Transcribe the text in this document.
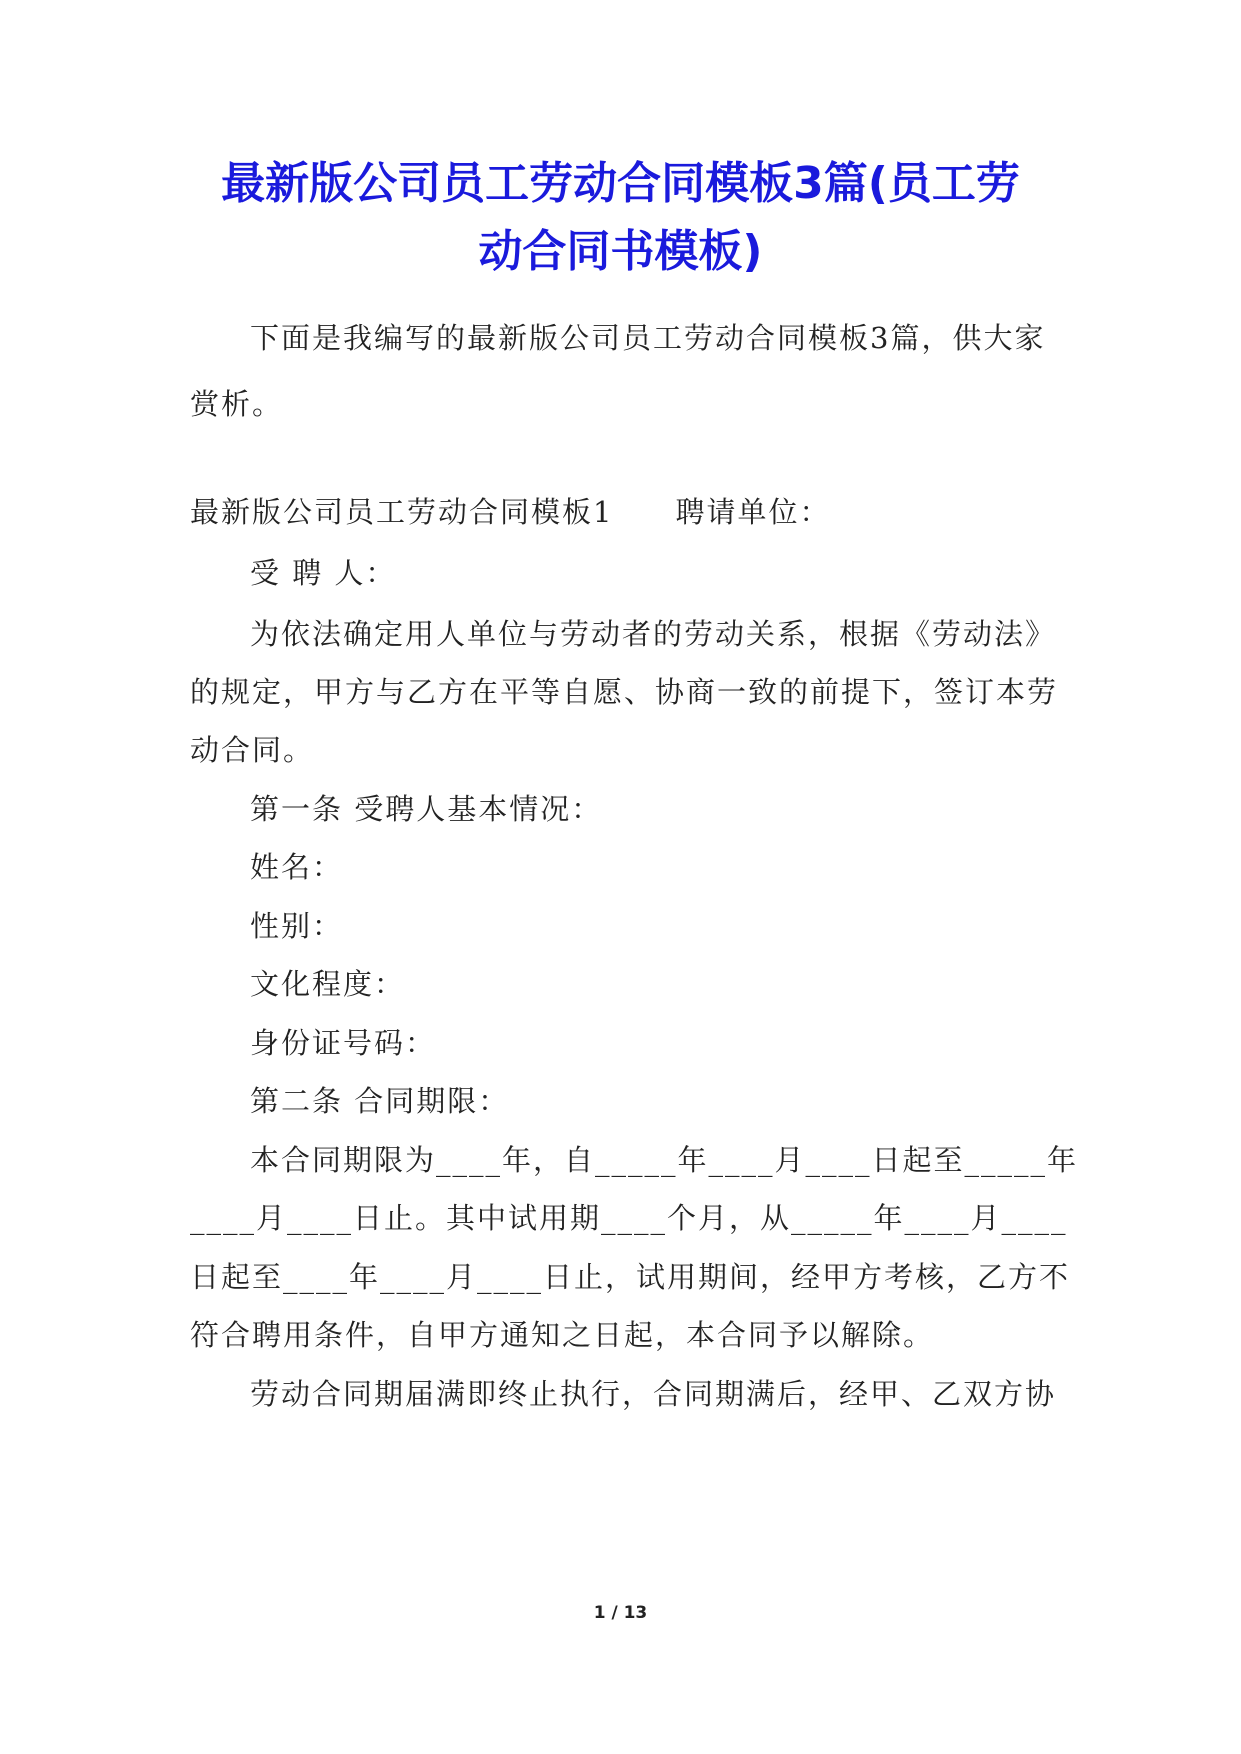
最新版公司员工劳动合同模板3篇(员工劳
动合同书模板)
下面是我编写的最新版公司员工劳动合同模板3篇，供大家
赏析。
最新版公司员工劳动合同模板1　　聘请单位：
受 聘 人：
为依法确定用人单位与劳动者的劳动关系，根据《劳动法》
的规定，甲方与乙方在平等自愿、协商一致的前提下，签订本劳
动合同。
第一条 受聘人基本情况：
姓名：
性别：
文化程度：
身份证号码：
第二条 合同期限：
本合同期限为____年，自_____年____月____日起至_____年
____月____日止。其中试用期____个月，从_____年____月____
日起至____年____月____日止，试用期间，经甲方考核，乙方不
符合聘用条件，自甲方通知之日起，本合同予以解除。
劳动合同期届满即终止执行，合同期满后，经甲、乙双方协
1 / 13
